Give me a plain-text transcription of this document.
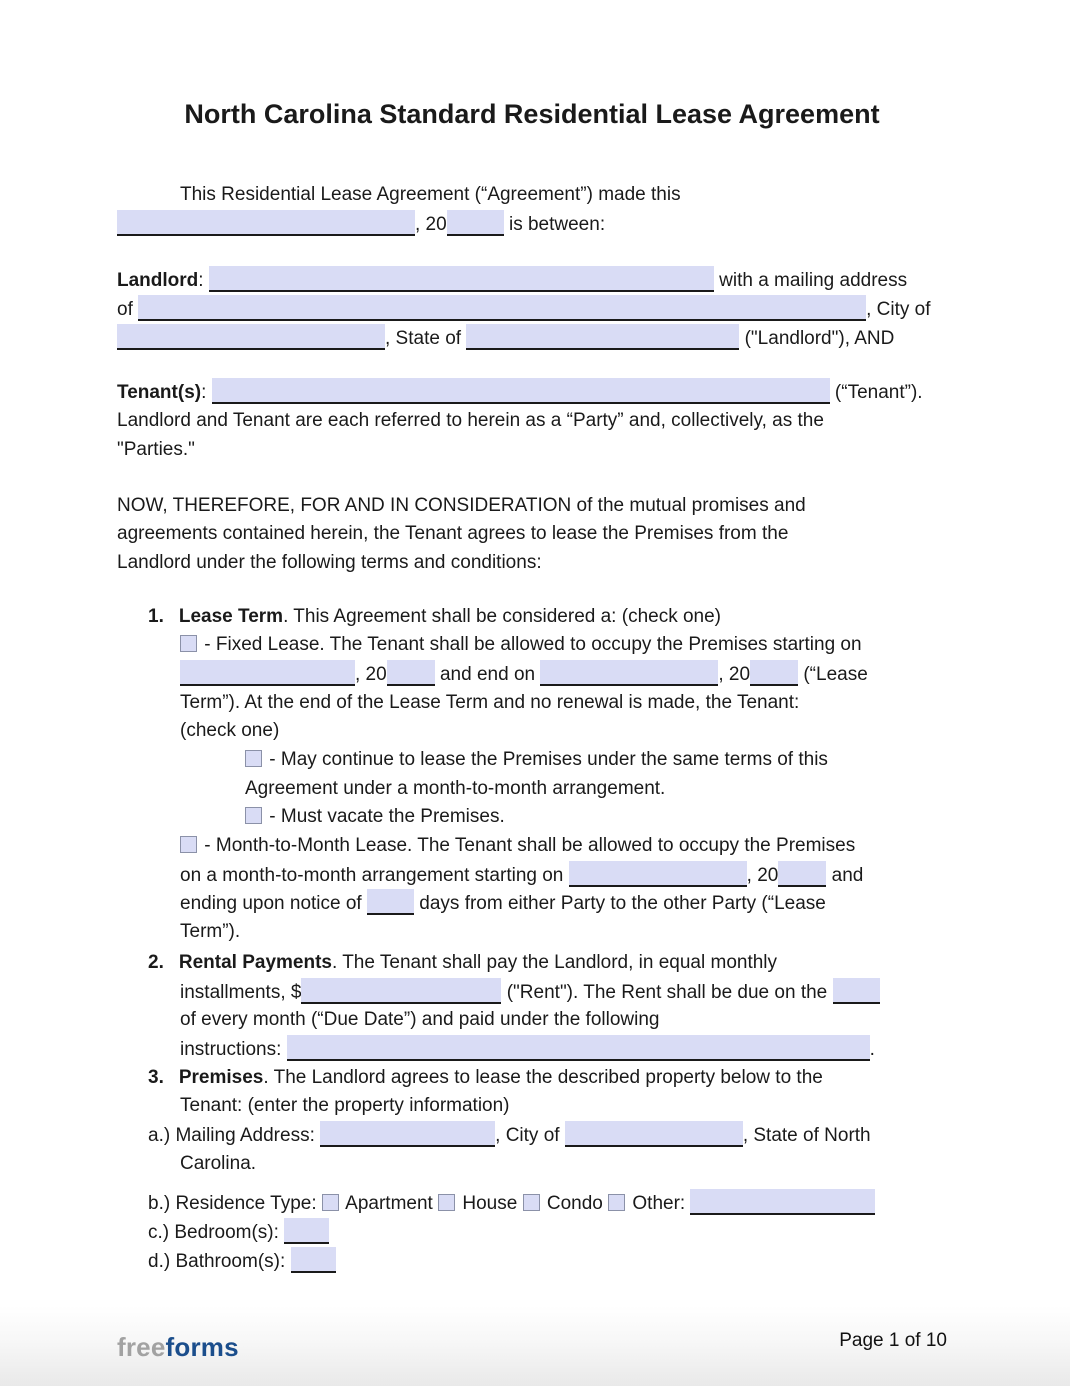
North Carolina Standard Residential Lease Agreement
This Residential Lease Agreement (“Agreement”) made this
, 20	is between:
Landlord:	with a mailing address
of	, City of
, State of	("Landlord"), AND
Tenant(s):	(“Tenant”).
Landlord and Tenant are each referred to herein as a “Party” and, collectively, as the
"Parties."
NOW, THEREFORE, FOR AND IN CONSIDERATION of the mutual promises and
agreements contained herein, the Tenant agrees to lease the Premises from the
Landlord under the following terms and conditions:
1. Lease Term. This Agreement shall be considered a: (check one)
- Fixed Lease. The Tenant shall be allowed to occupy the Premises starting on
, 20	and end on	, 20	(“Lease
Term”). At the end of the Lease Term and no renewal is made, the Tenant:
(check one)
- May continue to lease the Premises under the same terms of this
Agreement under a month-to-month arrangement.
- Must vacate the Premises.
- Month-to-Month Lease. The Tenant shall be allowed to occupy the Premises
on a month-to-month arrangement starting on	, 20	and
ending upon notice of  days from either Party to the other Party (“Lease
Term”).
2. Rental Payments. The Tenant shall pay the Landlord, in equal monthly
installments, $	("Rent"). The Rent shall be due on the
of every month (“Due Date”) and paid under the following
instructions:	.
3. Premises. The Landlord agrees to lease the described property below to the
Tenant: (enter the property information)
a.) Mailing Address:	, City of	, State of North
Carolina.
b.) Residence Type:  Apartment  House  Condo  Other:
c.) Bedroom(s):
d.) Bathroom(s):
freeforms	Page 1 of 10
